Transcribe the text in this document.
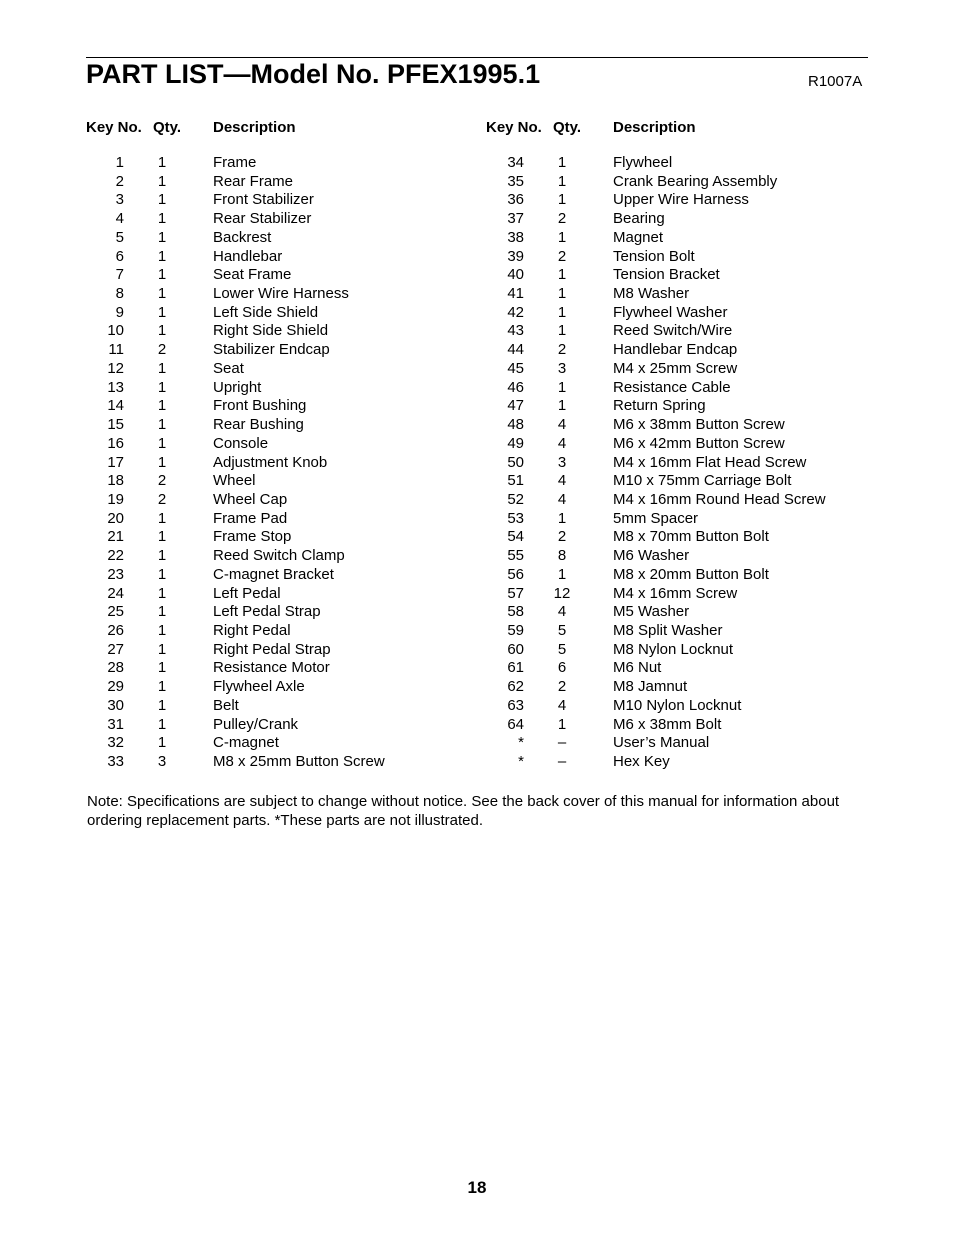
PART LIST—Model No. PFEX1995.1	R1007A
Key No. Qty. Description
1	1	Frame
2	1	Rear Frame
3	1	Front Stabilizer
4	1	Rear Stabilizer
5	1	Backrest
6	1	Handlebar
7	1	Seat Frame
8	1	Lower Wire Harness
9	1	Left Side Shield
10	1	Right Side Shield
11	2	Stabilizer Endcap
12	1	Seat
13	1	Upright
14	1	Front Bushing
15	1	Rear Bushing
16	1	Console
17	1	Adjustment Knob
18	2	Wheel
19	2	Wheel Cap
20	1	Frame Pad
21	1	Frame Stop
22	1	Reed Switch Clamp
23	1	C-magnet Bracket
24	1	Left Pedal
25	1	Left Pedal Strap
26	1	Right Pedal
27	1	Right Pedal Strap
28	1	Resistance Motor
29	1	Flywheel Axle
30	1	Belt
31	1	Pulley/Crank
32	1	C-magnet
33	3	M8 x 25mm Button Screw
Key No. Qty. Description
34	1	Flywheel
35	1	Crank Bearing Assembly
36	1	Upper Wire Harness
37	2	Bearing
38	1	Magnet
39	2	Tension Bolt
40	1	Tension Bracket
41	1	M8 Washer
42	1	Flywheel Washer
43	1	Reed Switch/Wire
44	2	Handlebar Endcap
45	3	M4 x 25mm Screw
46	1	Resistance Cable
47	1	Return Spring
48	4	M6 x 38mm Button Screw
49	4	M6 x 42mm Button Screw
50	3	M4 x 16mm Flat Head Screw
51	4	M10 x 75mm Carriage Bolt
52	4	M4 x 16mm Round Head Screw
53	1	5mm Spacer
54	2	M8 x 70mm Button Bolt
55	8	M6 Washer
56	1	M8 x 20mm Button Bolt
57 12	M4 x 16mm Screw
58	4	M5 Washer
59	5	M8 Split Washer
60	5	M8 Nylon Locknut
61	6	M6 Nut
62	2	M8 Jamnut
63	4	M10 Nylon Locknut
64	1	M6 x 38mm Bolt
*	–	User’s Manual
*	–	Hex Key
Note: Specifications are subject to change without notice. See the back cover of this manual for information about ordering replacement parts. *These parts are not illustrated.
18
